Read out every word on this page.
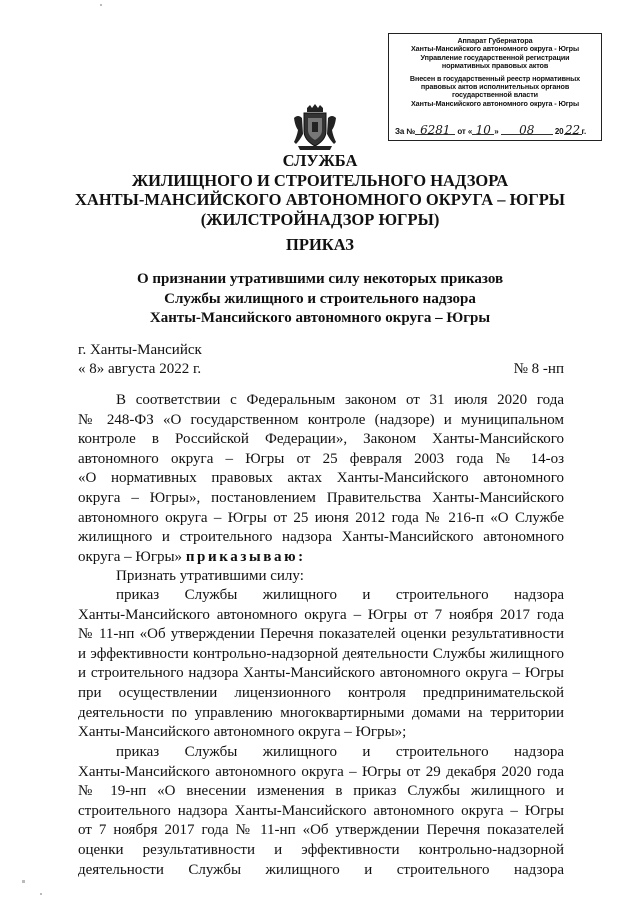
Аппарат Губернатора
Ханты-Мансийского автономного округа - Югры
Управление государственной регистрации
нормативных правовых актов
Внесен в государственный реестр нормативных
правовых актов исполнительных органов
государственной власти
Ханты-Мансийского автономного округа - Югры
За № 6281 от « 10 » 08	2022г.
СЛУЖБА
ЖИЛИЩНОГО И СТРОИТЕЛЬНОГО НАДЗОРА
ХАНТЫ-МАНСИЙСКОГО АВТОНОМНОГО ОКРУГА – ЮГРЫ
(ЖИЛСТРОЙНАДЗОР ЮГРЫ)
ПРИКАЗ
О признании утратившими силу некоторых приказов
Службы жилищного и строительного надзора
Ханты-Мансийского автономного округа – Югры
г. Ханты-Мансийск
« 8» августа 2022 г.	№ 8 -нп
В соответствии с Федеральным законом от 31 июля 2020 года
№ 248-ФЗ «О государственном контроле (надзоре) и муниципальном
контроле в Российской Федерации», Законом Ханты-Мансийского
автономного округа – Югры от 25 февраля 2003 года № 14-оз
«О нормативных правовых актах Ханты-Мансийского автономного
округа – Югры», постановлением Правительства Ханты-Мансийского
автономного округа – Югры от 25 июня 2012 года № 216-п «О Службе
жилищного и строительного надзора Ханты-Мансийского автономного
округа – Югры» приказываю:
Признать утратившими силу:
приказ Службы жилищного и строительного надзора
Ханты-Мансийского автономного округа – Югры от 7 ноября 2017 года
№ 11-нп «Об утверждении Перечня показателей оценки результативности
и эффективности контрольно-надзорной деятельности Службы жилищного
и строительного надзора Ханты-Мансийского автономного округа – Югры
при осуществлении лицензионного контроля предпринимательской
деятельности по управлению многоквартирными домами на территории
Ханты-Мансийского автономного округа – Югры»;
приказ Службы жилищного и строительного надзора
Ханты-Мансийского автономного округа – Югры от 29 декабря 2020 года
№ 19-нп «О внесении изменения в приказ Службы жилищного и
строительного надзора Ханты-Мансийского автономного округа – Югры
от 7 ноября 2017 года № 11-нп «Об утверждении Перечня показателей
оценки результативности и эффективности контрольно-надзорной
деятельности Службы жилищного и строительного надзора
